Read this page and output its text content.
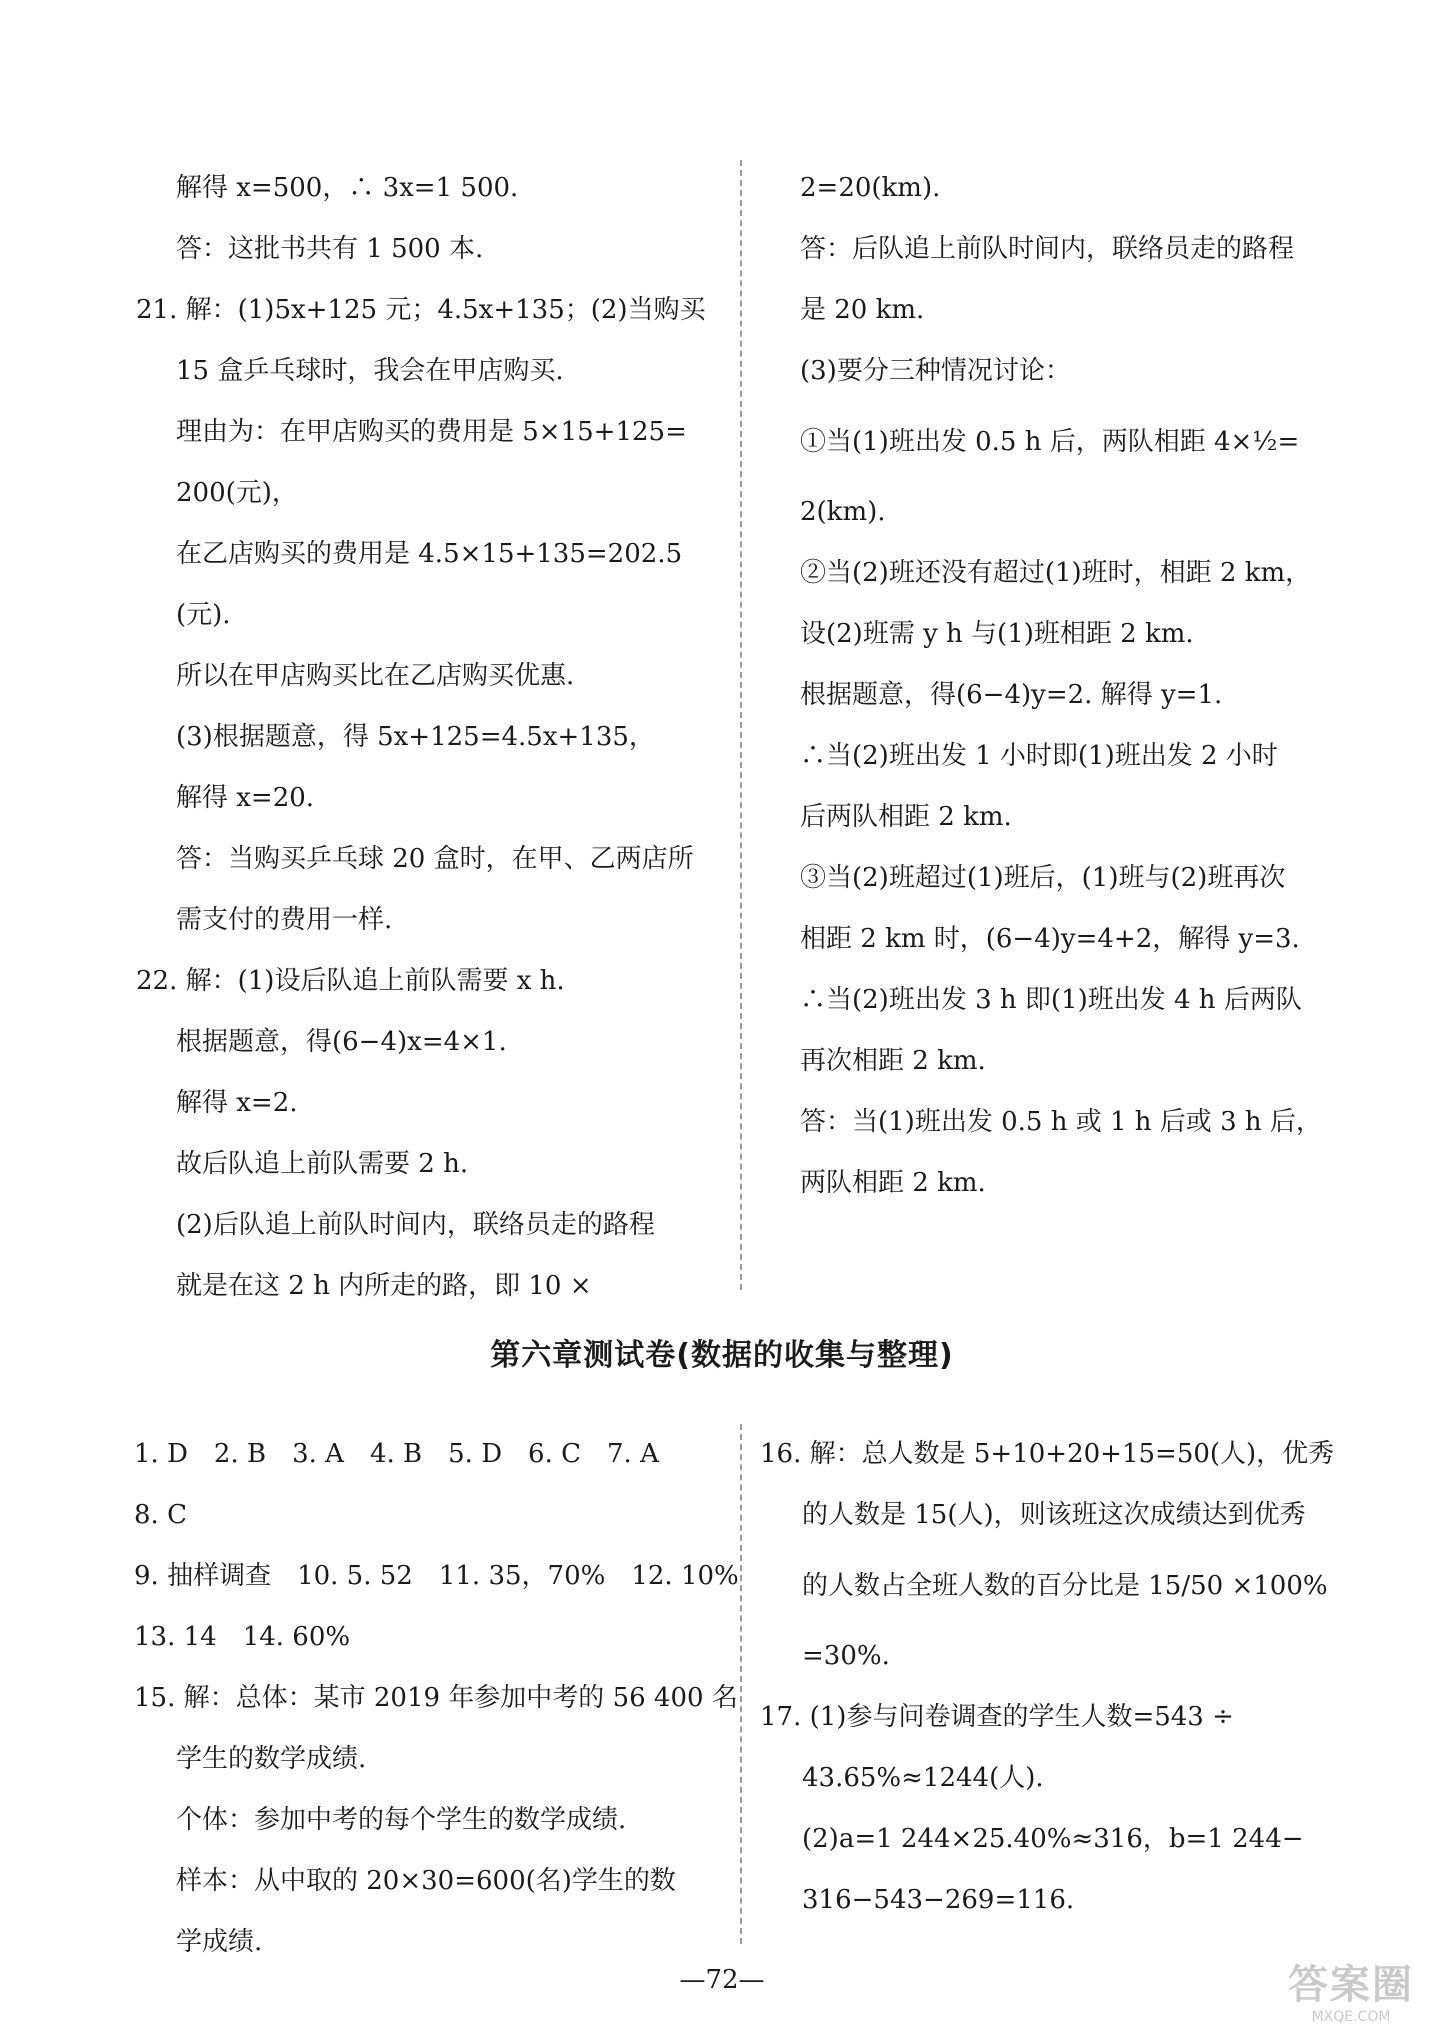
解得 x=500，∴ 3x=1 500.
答：这批书共有 1 500 本.
21. 解：(1)5x+125 元；4.5x+135；(2)当购买
15 盒乒乓球时，我会在甲店购买.
理由为：在甲店购买的费用是 5×15+125=
200(元)，
在乙店购买的费用是 4.5×15+135=202.5
(元).
所以在甲店购买比在乙店购买优惠.
(3)根据题意，得 5x+125=4.5x+135，
解得 x=20.
答：当购买乒乓球 20 盒时，在甲、乙两店所
需支付的费用一样.
22. 解：(1)设后队追上前队需要 x h.
根据题意，得(6−4)x=4×1.
解得 x=2.
故后队追上前队需要 2 h.
(2)后队追上前队时间内，联络员走的路程
就是在这 2 h 内所走的路，即 10 ×
2=20(km).
答：后队追上前队时间内，联络员走的路程
是 20 km.
(3)要分三种情况讨论：
①当(1)班出发 0.5 h 后，两队相距 4×½=
2(km).
②当(2)班还没有超过(1)班时，相距 2 km，
设(2)班需 y h 与(1)班相距 2 km.
根据题意，得(6−4)y=2. 解得 y=1.
∴当(2)班出发 1 小时即(1)班出发 2 小时
后两队相距 2 km.
③当(2)班超过(1)班后，(1)班与(2)班再次
相距 2 km 时，(6−4)y=4+2，解得 y=3.
∴当(2)班出发 3 h 即(1)班出发 4 h 后两队
再次相距 2 km.
答：当(1)班出发 0.5 h 或 1 h 后或 3 h 后，
两队相距 2 km.
第六章测试卷(数据的收集与整理)
1. D　2. B　3. A　4. B　5. D　6. C　7. A
8. C
9. 抽样调查　10. 5. 52　11. 35，70%　12. 10%
13. 14　14. 60%
15. 解：总体：某市 2019 年参加中考的 56 400 名
学生的数学成绩.
个体：参加中考的每个学生的数学成绩.
样本：从中取的 20×30=600(名)学生的数
学成绩.
16. 解：总人数是 5+10+20+15=50(人)，优秀
的人数是 15(人)，则该班这次成绩达到优秀
的人数占全班人数的百分比是 15/50 ×100%
=30%.
17. (1)参与问卷调查的学生人数=543 ÷
43.65%≈1244(人).
(2)a=1 244×25.40%≈316，b=1 244−
316−543−269=116.
—72—	答案圈
MXQE.COM
